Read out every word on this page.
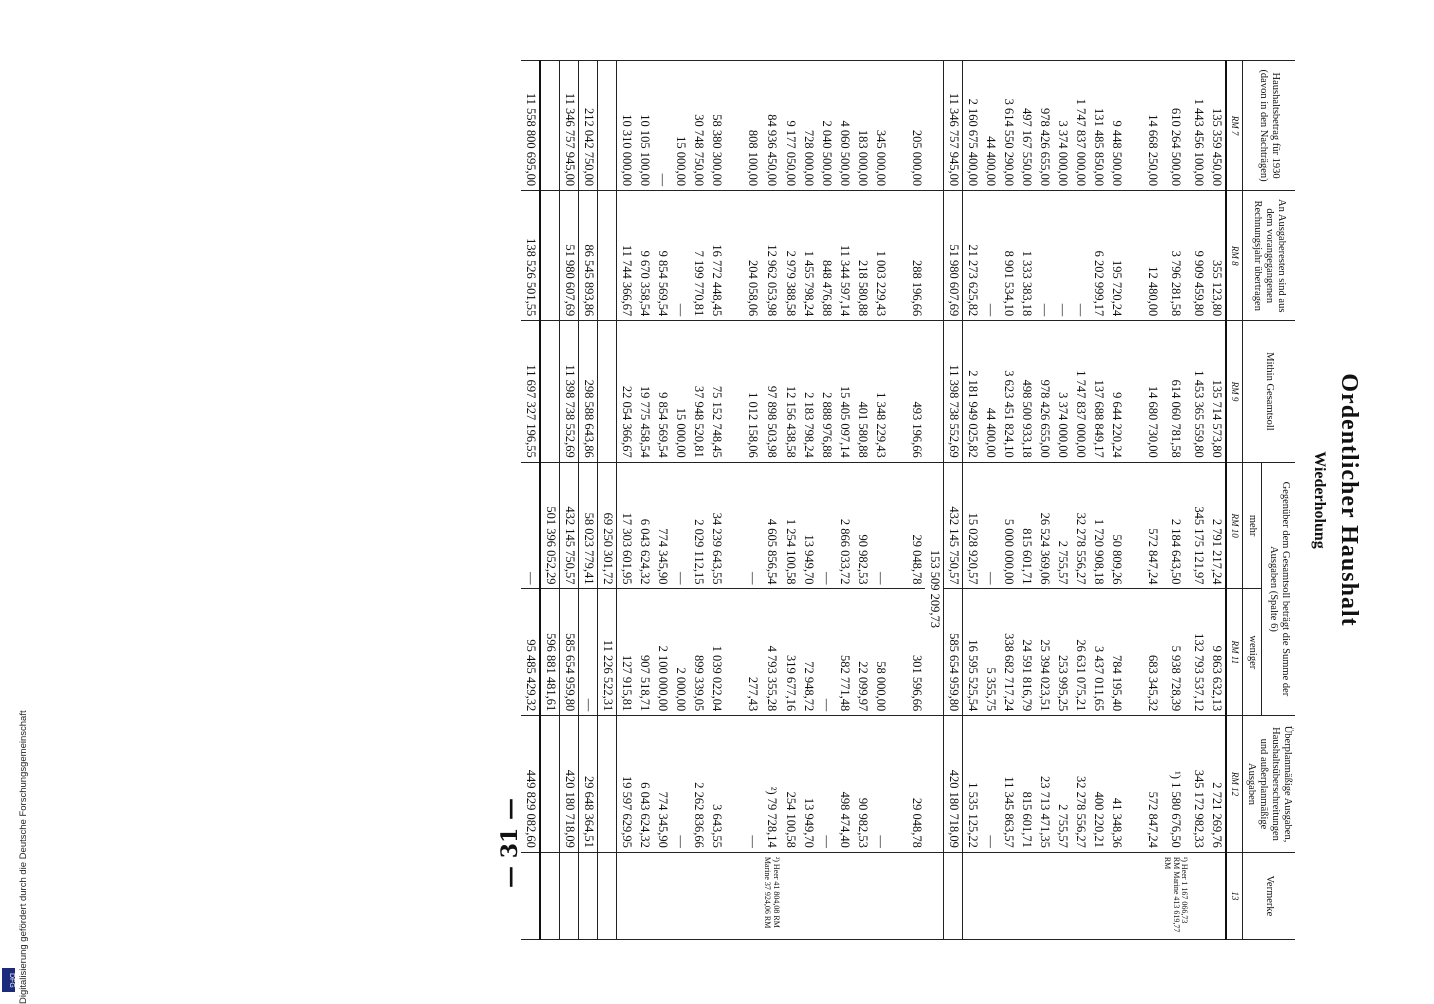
Digitalisierung gefördert durch die Deutsche Forschungsgemeinschaft
DFG
Ordentlicher Haushalt
Wiederholung
Haushaltsbetrag für 1930 (davon in den Nachträgen)	An Ausgaberesten sind aus dem vorangegangenen Rechnungsjahr übertragen	Mithin Gesamtsoll	Gegenüber dem Gesamtsoll beträgt die Summe der Ausgaben (Spalte 6)		Überplanmäßige Ausgaben, Haushaltsüberschreitungen und außerplanmäßige Ausgaben	Vermerke
			mehr	weniger		
RM 7	RM 8	RM 9	RM 10	RM 11	RM 12	13
135 359 450,00	355 123,80	135 714 573,80	2 791 217,24	9 863 632,13	2 721 269,76	
1 443 456 100,00	9 909 459,80	1 453 365 559,80	345 175 121,97	132 793 537,12	345 172 982,33	
610 264 500,00	3 796 281,58	614 060 781,58	2 184 643,50	5 938 728,39	¹) 1 580 676,50	¹) Heer 1 167 066,73 RM Marine 413 619,77 RM
14 668 250,00	12 480,00	14 680 730,00	572 847,24	683 345,32	572 847,24	

9 448 500,00	195 720,24	9 644 220,24	50 809,26	784 195,40	41 348,36	
131 485 850,00	6 202 999,17	137 688 849,17	1 720 908,18	3 437 011,65	400 220,21	
1 747 837 000,00	—	1 747 837 000,00	32 278 556,27	26 631 075,21	32 278 556,27	
3 374 000,00	—	3 374 000,00	2 755,57	253 995,25	2 755,57	
978 426 655,00	—	978 426 655,00	26 524 369,06	25 394 023,51	23 713 471,35	
497 167 550,00	1 333 383,18	498 500 933,18	815 601,71	24 591 816,79	815 601,71	
3 614 550 290,00	8 901 534,10	3 623 451 824,10	5 000 000,00	338 682 717,24	11 345 863,57	
44 400,00	—	44 400,00	—	5 355,75	—	
2 160 675 400,00	21 273 625,82	2 181 949 025,82	15 028 920,57	16 595 525,54	1 535 125,22	
11 346 757 945,00	51 980 607,69	11 398 738 552,69	432 145 750,57	585 654 959,80	420 180 718,09	
			153 509 209,73			
205 000,00	288 196,66	493 196,66	29 048,78	301 596,66	29 048,78	

345 000,00	1 003 229,43	1 348 229,43	—	58 000,00	—	
183 000,00	218 580,88	401 580,88	90 982,53	22 099,97	90 982,53	
4 060 500,00	11 344 597,14	15 405 097,14	2 866 033,72	582 771,48	498 474,40	
2 040 500,00	848 476,88	2 888 976,88	—	—	—	
728 000,00	1 455 798,24	2 183 798,24	13 949,70	72 948,72	13 949,70	
9 177 050,00	2 979 388,58	12 156 438,58	1 254 100,58	319 677,16	254 100,58	
84 936 450,00	12 962 053,98	97 898 503,98	4 605 856,54	4 793 355,28	²) 79 728,14	²) Heer 41 804,08 RM Marine 37 924,06 RM
808 100,00	204 058,06	1 012 158,06	—	277,43	—	

58 380 300,00	16 772 448,45	75 152 748,45	34 239 643,55	1 039 022,04	3 643,55	
30 748 750,00	7 199 770,81	37 948 520,81	2 029 112,15	899 339,05	2 262 836,66	
15 000,00	—	15 000,00	—	2 000,00	—	
—	9 854 569,54	9 854 569,54	774 345,90	2 100 000,00	774 345,90	
10 105 100,00	9 670 358,54	19 775 458,54	6 043 624,32	907 518,71	6 043 624,32	
10 310 000,00	11 744 366,67	22 054 366,67	17 303 601,95	127 915,81	19 597 629,95	
			69 250 301,72	11 226 522,31		
212 042 750,00	86 545 893,86	298 588 643,86	58 023 779,41	—	29 648 364,51	
11 346 757 945,00	51 980 607,69	11 398 738 552,69	432 145 750,57	585 654 959,80	420 180 718,09	
			501 396 052,29	596 881 481,61		
11 558 800 695,00	138 526 501,55	11 697 327 196,55	—	95 485 429,32	449 829 082,60	
— 31 —
